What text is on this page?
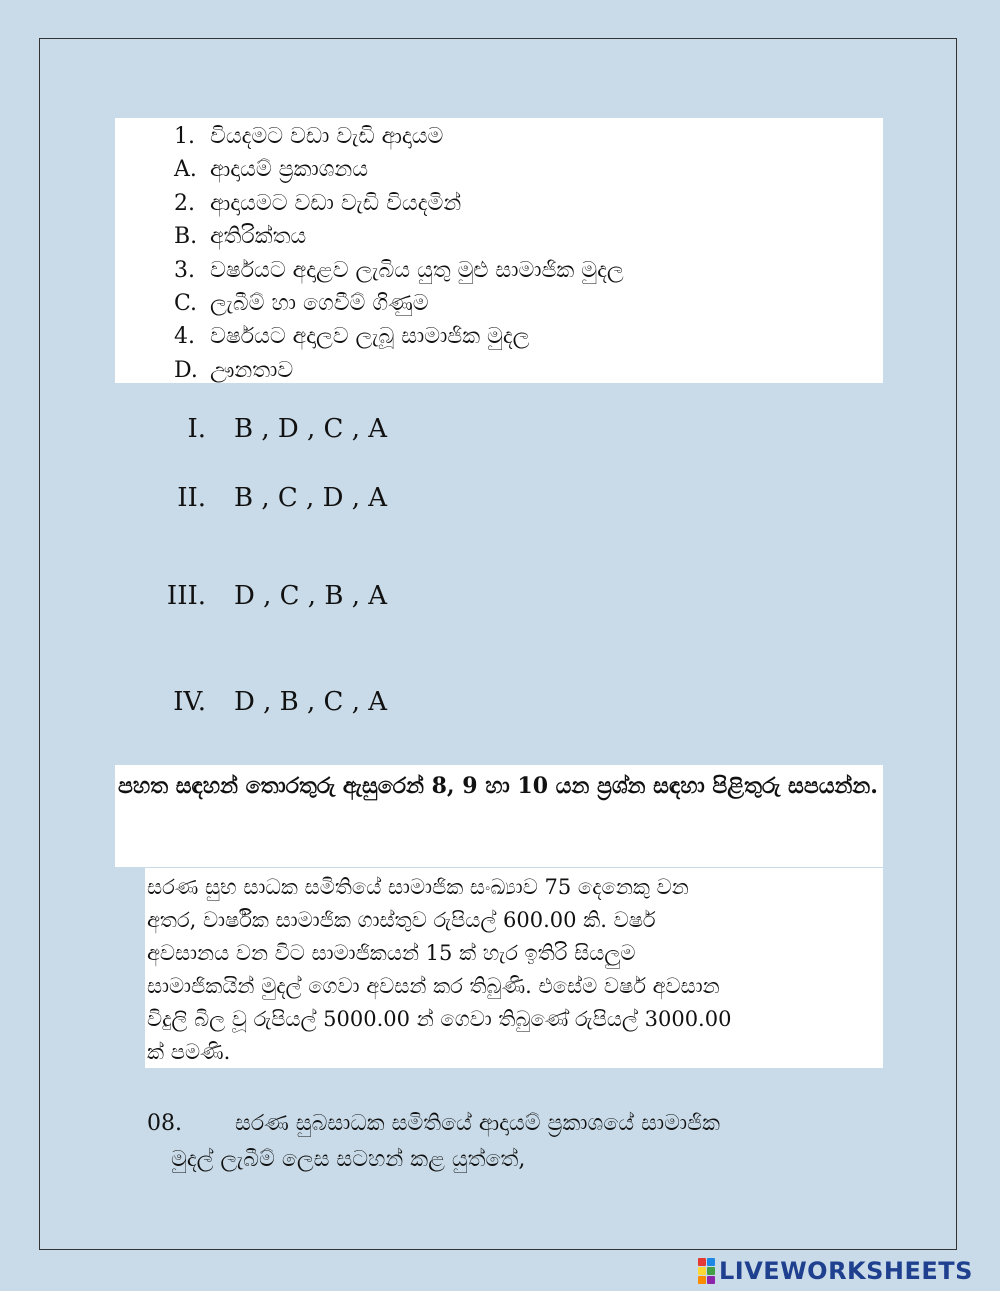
1. වියදමට වඩා වැඩි ආදායම
A. ආදායම් ප්‍රකාශනය
2. ආදායමට වඩා වැඩි වියදමින්
B. අතිරික්තය
3. වර්ෂයට අදාළව ලැබිය යුතු මුළු සාමාජික මුදල
C. ලැබීම් හා ගෙවීම් ගිණුම
4. වර්ෂයට අදාලව ලැබූ සාමාජික මුදල
D. ඌනතාව
I. B , D , C , A
II. B , C , D , A
III. D , C , B , A
IV. D , B , C , A
පහත සඳහන් තොරතුරු ඇසුරෙන් 8, 9 හා 10 යන ප්‍රශ්න සඳහා පිළිතුරු සපයන්න.
සරණ සුභ සාධක සමිතියේ සාමාජික සංඛ්‍යාව 75 දෙනෙකු වන
අතර, වාර්ෂික සාමාජික ගාස්තුව රුපියල් 600.00 කි. වර්ෂ
අවසානය වන විට සාමාජිකයන් 15 ක් හැර ඉතිරි සියලුම
සාමාජිකයින් මුදල් ගෙවා අවසන් කර තිබුණි. එසේම වර්ෂ අවසාන
විදුලි බිල වූ රුපියල් 5000.00 න් ගෙවා තිබුණේ රුපියල් 3000.00
ක් පමණි.
08. සරණ සුබසාධක සමිතියේ ආදායම් ප්‍රකාශයේ සාමාජික
මුදල් ලැබීම් ලෙස සටහන් කළ යුත්තේ,
LIVEWORKSHEETS
